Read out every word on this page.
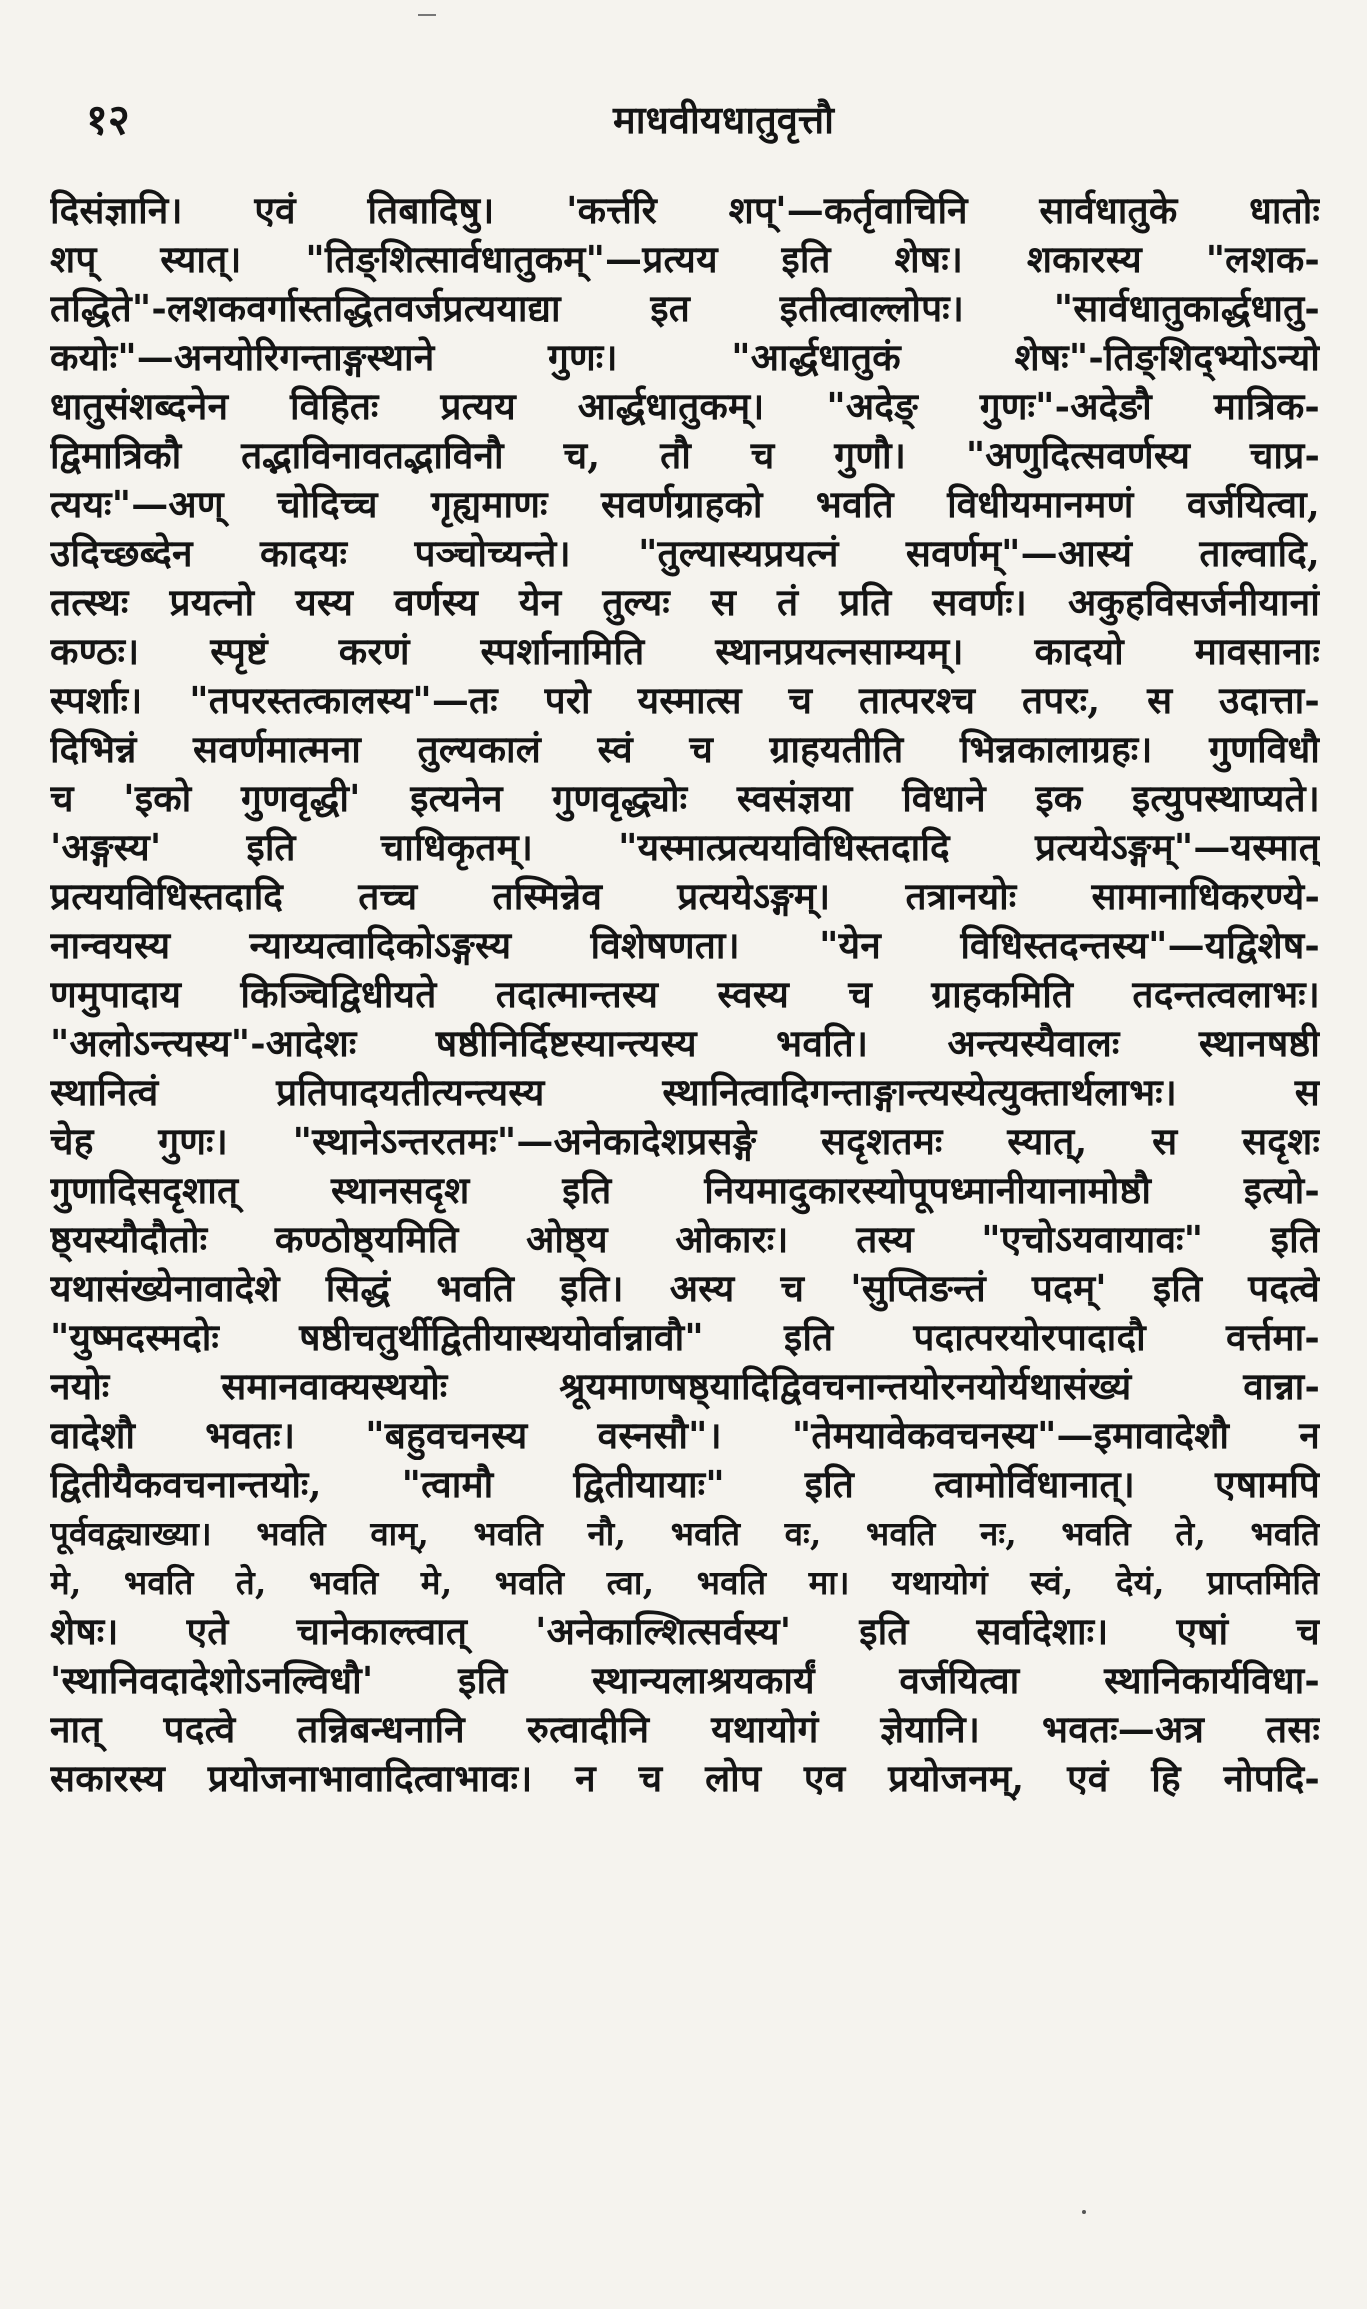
१२	माधवीयधातुवृत्तौ
दिसंज्ञानि। एवं तिबादिषु। 'कर्त्तरि शप्'—कर्तृवाचिनि सार्वधातुके धातोः
शप् स्यात्। "तिङ्शित्सार्वधातुकम्"—प्रत्यय इति शेषः। शकारस्य "लशक-
तद्धिते"-लशकवर्गास्तद्धितवर्जप्रत्ययाद्या इत इतीत्वाल्लोपः। "सार्वधातुकार्द्धधातु-
कयोः"—अनयोरिगन्ताङ्गस्थाने गुणः। "आर्द्धधातुकं शेषः"-तिङ्शिद्भ्योऽन्यो
धातुसंशब्दनेन विहितः प्रत्यय आर्द्धधातुकम्। "अदेङ् गुणः"-अदेङौ मात्रिक-
द्विमात्रिकौ तद्भाविनावतद्भाविनौ च, तौ च गुणौ। "अणुदित्सवर्णस्य चाप्र-
त्ययः"—अण् चोदिच्च गृह्यमाणः सवर्णग्राहको भवति विधीयमानमणं वर्जयित्वा,
उदिच्छब्देन कादयः पञ्चोच्यन्ते। "तुल्यास्यप्रयत्नं सवर्णम्"—आस्यं ताल्वादि,
तत्स्थः प्रयत्नो यस्य वर्णस्य येन तुल्यः स तं प्रति सवर्णः। अकुहविसर्जनीयानां
कण्ठः। स्पृष्टं करणं स्पर्शानामिति स्थानप्रयत्नसाम्यम्। कादयो मावसानाः
स्पर्शाः। "तपरस्तत्कालस्य"—तः परो यस्मात्स च तात्परश्च तपरः, स उदात्ता-
दिभिन्नं सवर्णमात्मना तुल्यकालं स्वं च ग्राहयतीति भिन्नकालाग्रहः। गुणविधौ
च 'इको गुणवृद्धी' इत्यनेन गुणवृद्ध्योः स्वसंज्ञया विधाने इक इत्युपस्थाप्यते।
'अङ्गस्य' इति चाधिकृतम्। "यस्मात्प्रत्ययविधिस्तदादि प्रत्ययेऽङ्गम्"—यस्मात्
प्रत्ययविधिस्तदादि तच्च तस्मिन्नेव प्रत्ययेऽङ्गम्। तत्रानयोः सामानाधिकरण्ये-
नान्वयस्य न्याय्यत्वादिकोऽङ्गस्य विशेषणता। "येन विधिस्तदन्तस्य"—यद्विशेष-
णमुपादाय किञ्चिद्विधीयते तदात्मान्तस्य स्वस्य च ग्राहकमिति तदन्तत्वलाभः।
"अलोऽन्त्यस्य"-आदेशः षष्ठीनिर्दिष्टस्यान्त्यस्य भवति। अन्त्यस्यैवालः स्थानषष्ठी
स्थानित्वं प्रतिपादयतीत्यन्त्यस्य स्थानित्वादिगन्ताङ्गान्त्यस्येत्युक्तार्थलाभः। स
चेह गुणः। "स्थानेऽन्तरतमः"—अनेकादेशप्रसङ्गे सदृशतमः स्यात्, स सदृशः
गुणादिसदृशात् स्थानसदृश इति नियमादुकारस्योपूपध्मानीयानामोष्ठौ इत्यो-
ष्ठ्यस्यौदौतोः कण्ठोष्ठ्यमिति ओष्ठ्य ओकारः। तस्य "एचोऽयवायावः" इति
यथासंख्येनावादेशे सिद्धं भवति इति। अस्य च 'सुप्तिङन्तं पदम्' इति पदत्वे
"युष्मदस्मदोः षष्ठीचतुर्थीद्वितीयास्थयोर्वान्नावौ" इति पदात्परयोरपादादौ वर्त्तमा-
नयोः समानवाक्यस्थयोः श्रूयमाणषष्ठ्यादिद्विवचनान्तयोरनयोर्यथासंख्यं वान्ना-
वादेशौ भवतः। "बहुवचनस्य वस्नसौ"। "तेमयावेकवचनस्य"—इमावादेशौ न
द्वितीयैकवचनान्तयोः, "त्वामौ द्वितीयायाः" इति त्वामोर्विधानात्। एषामपि
पूर्ववद्व्याख्या। भवति वाम्, भवति नौ, भवति वः, भवति नः, भवति ते, भवति
मे, भवति ते, भवति मे, भवति त्वा, भवति मा। यथायोगं स्वं, देयं, प्राप्तमिति
शेषः। एते चानेकाल्त्वात् 'अनेकाल्शित्सर्वस्य' इति सर्वादेशाः। एषां च
'स्थानिवदादेशोऽनल्विधौ' इति स्थान्यलाश्रयकार्यं वर्जयित्वा स्थानिकार्यविधा-
नात् पदत्वे तन्निबन्धनानि रुत्वादीनि यथायोगं ज्ञेयानि। भवतः—अत्र तसः
सकारस्य प्रयोजनाभावादित्वाभावः। न च लोप एव प्रयोजनम्, एवं हि नोपदि-
